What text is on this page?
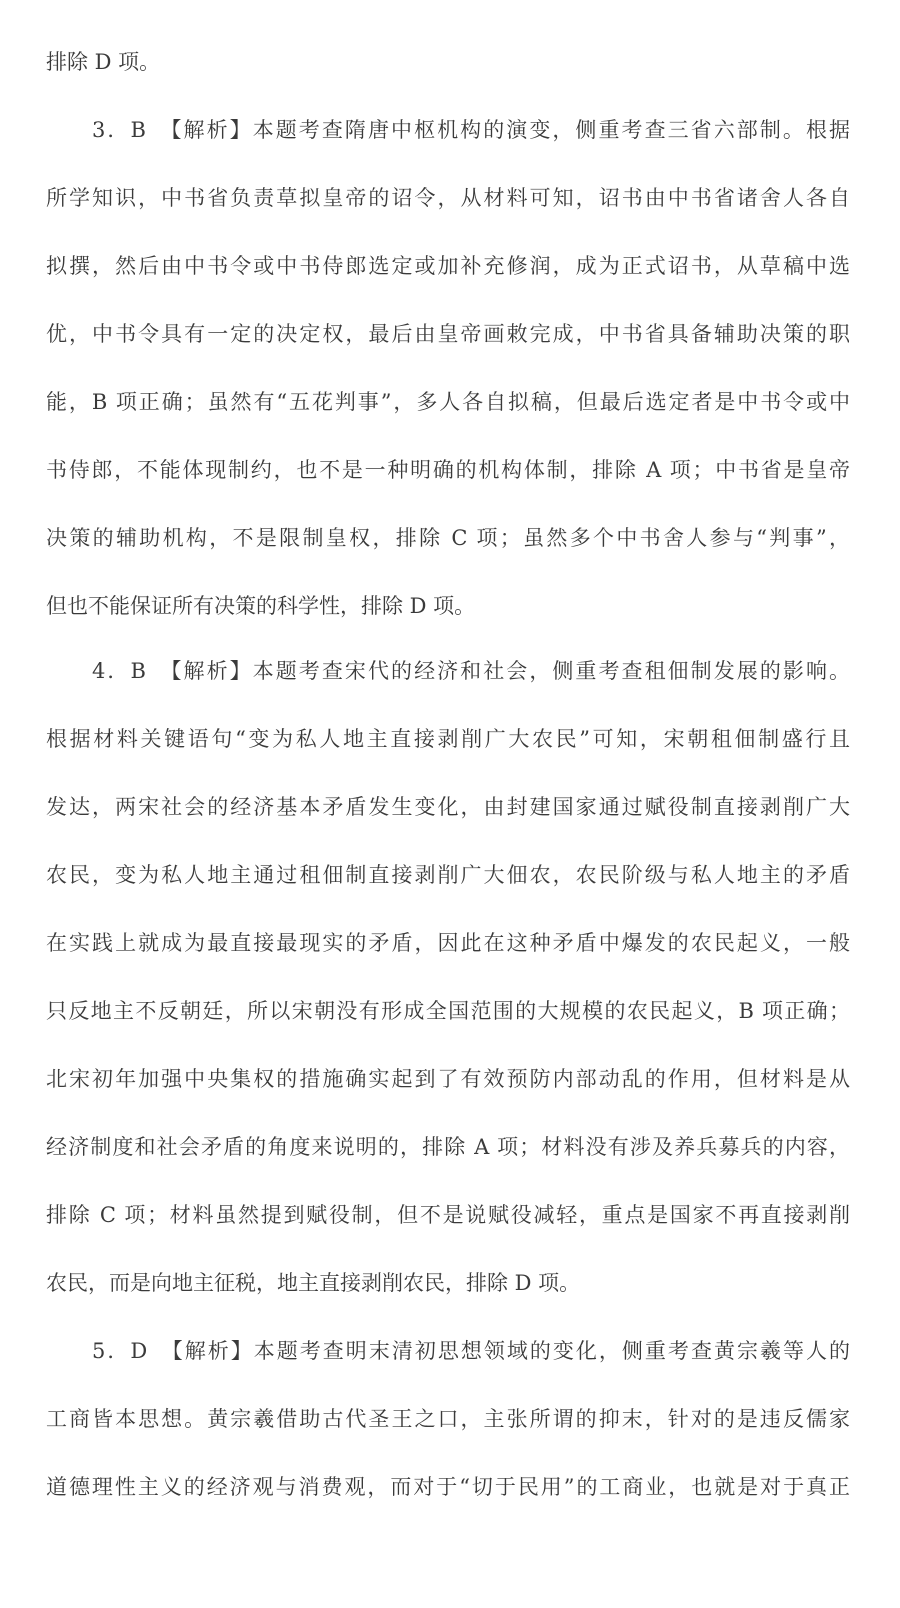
排除 D 项。
3．B　【解析】本题考查隋唐中枢机构的演变，侧重考查三省六部制。根据
所学知识，中书省负责草拟皇帝的诏令，从材料可知，诏书由中书省诸舍人各自
拟撰，然后由中书令或中书侍郎选定或加补充修润，成为正式诏书，从草稿中选
优，中书令具有一定的决定权，最后由皇帝画敕完成，中书省具备辅助决策的职
能，B 项正确；虽然有“五花判事”，多人各自拟稿，但最后选定者是中书令或中
书侍郎，不能体现制约，也不是一种明确的机构体制，排除 A 项；中书省是皇帝
决策的辅助机构，不是限制皇权，排除 C 项；虽然多个中书舍人参与“判事”，
但也不能保证所有决策的科学性，排除 D 项。
4．B　【解析】本题考查宋代的经济和社会，侧重考查租佃制发展的影响。
根据材料关键语句“变为私人地主直接剥削广大农民”可知，宋朝租佃制盛行且
发达，两宋社会的经济基本矛盾发生变化，由封建国家通过赋役制直接剥削广大
农民，变为私人地主通过租佃制直接剥削广大佃农，农民阶级与私人地主的矛盾
在实践上就成为最直接最现实的矛盾，因此在这种矛盾中爆发的农民起义，一般
只反地主不反朝廷，所以宋朝没有形成全国范围的大规模的农民起义，B 项正确；
北宋初年加强中央集权的措施确实起到了有效预防内部动乱的作用，但材料是从
经济制度和社会矛盾的角度来说明的，排除 A 项；材料没有涉及养兵募兵的内容，
排除 C 项；材料虽然提到赋役制，但不是说赋役减轻，重点是国家不再直接剥削
农民，而是向地主征税，地主直接剥削农民，排除 D 项。
5．D　【解析】本题考查明末清初思想领域的变化，侧重考查黄宗羲等人的
工商皆本思想。黄宗羲借助古代圣王之口，主张所谓的抑末，针对的是违反儒家
道德理性主义的经济观与消费观，而对于“切于民用”的工商业，也就是对于真正
